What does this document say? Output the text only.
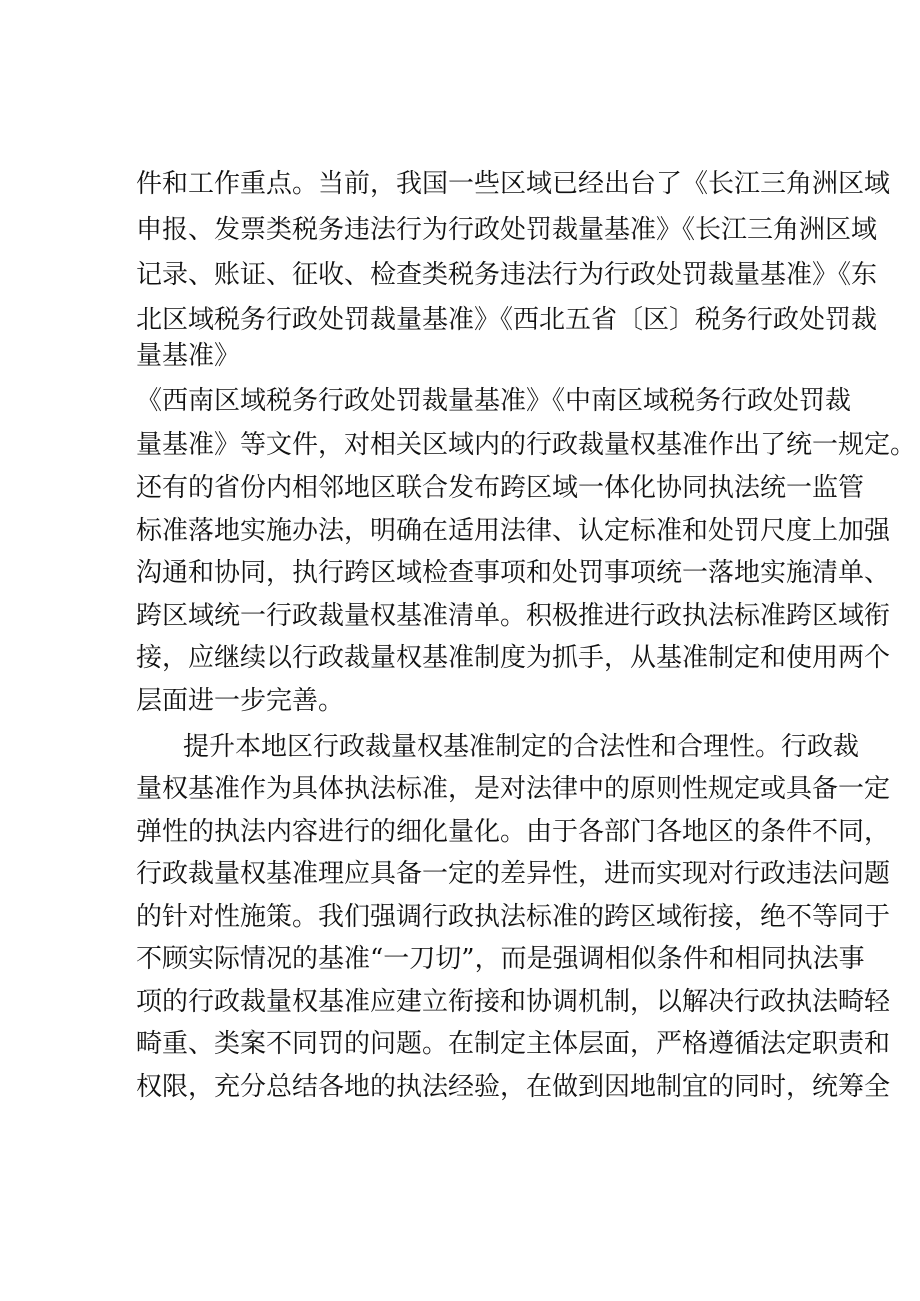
件和工作重点。当前，我国一些区域已经出台了《长江三角洲区域
申报、发票类税务违法行为行政处罚裁量基准》《长江三角洲区域
记录、账证、征收、检查类税务违法行为行政处罚裁量基准》《东
北区域税务行政处罚裁量基准》《西北五省〔区〕税务行政处罚裁
量基准》
《西南区域税务行政处罚裁量基准》《中南区域税务行政处罚裁
量基准》等文件，对相关区域内的行政裁量权基准作出了统一规定。
还有的省份内相邻地区联合发布跨区域一体化协同执法统一监管
标准落地实施办法，明确在适用法律、认定标准和处罚尺度上加强
沟通和协同，执行跨区域检查事项和处罚事项统一落地实施清单、
跨区域统一行政裁量权基准清单。积极推进行政执法标准跨区域衔
接，应继续以行政裁量权基准制度为抓手，从基准制定和使用两个
层面进一步完善。
提升本地区行政裁量权基准制定的合法性和合理性。行政裁
量权基准作为具体执法标准，是对法律中的原则性规定或具备一定
弹性的执法内容进行的细化量化。由于各部门各地区的条件不同，
行政裁量权基准理应具备一定的差异性，进而实现对行政违法问题
的针对性施策。我们强调行政执法标准的跨区域衔接，绝不等同于
不顾实际情况的基准“一刀切”，而是强调相似条件和相同执法事
项的行政裁量权基准应建立衔接和协调机制，以解决行政执法畸轻
畸重、类案不同罚的问题。在制定主体层面，严格遵循法定职责和
权限，充分总结各地的执法经验，在做到因地制宜的同时，统筹全
